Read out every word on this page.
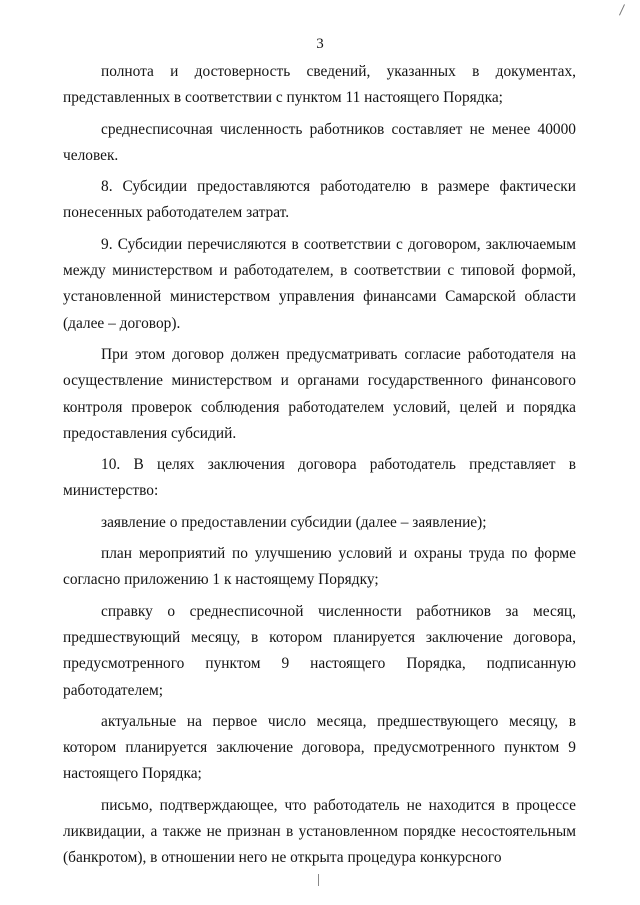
3

полнота и достоверность сведений, указанных в документах, представленных в соответствии с пунктом 11 настоящего Порядка;

среднесписочная численность работников составляет не менее 40000 человек.

8. Субсидии предоставляются работодателю в размере фактически понесенных работодателем затрат.

9. Субсидии перечисляются в соответствии с договором, заключаемым между министерством и работодателем, в соответствии с типовой формой, установленной министерством управления финансами Самарской области (далее – договор).

При этом договор должен предусматривать согласие работодателя на осуществление министерством и органами государственного финансового контроля проверок соблюдения работодателем условий, целей и порядка предоставления субсидий.

10. В целях заключения договора работодатель представляет в министерство:

заявление о предоставлении субсидии (далее – заявление);

план мероприятий по улучшению условий и охраны труда по форме согласно приложению 1 к настоящему Порядку;

справку о среднесписочной численности работников за месяц, предшествующий месяцу, в котором планируется заключение договора, предусмотренного пунктом 9 настоящего Порядка, подписанную работодателем;

актуальные на первое число месяца, предшествующего месяцу, в котором планируется заключение договора, предусмотренного пунктом 9 настоящего Порядка;

письмо, подтверждающее, что работодатель не находится в процессе ликвидации, а также не признан в установленном порядке несостоятельным (банкротом), в отношении него не открыта процедура конкурсного
